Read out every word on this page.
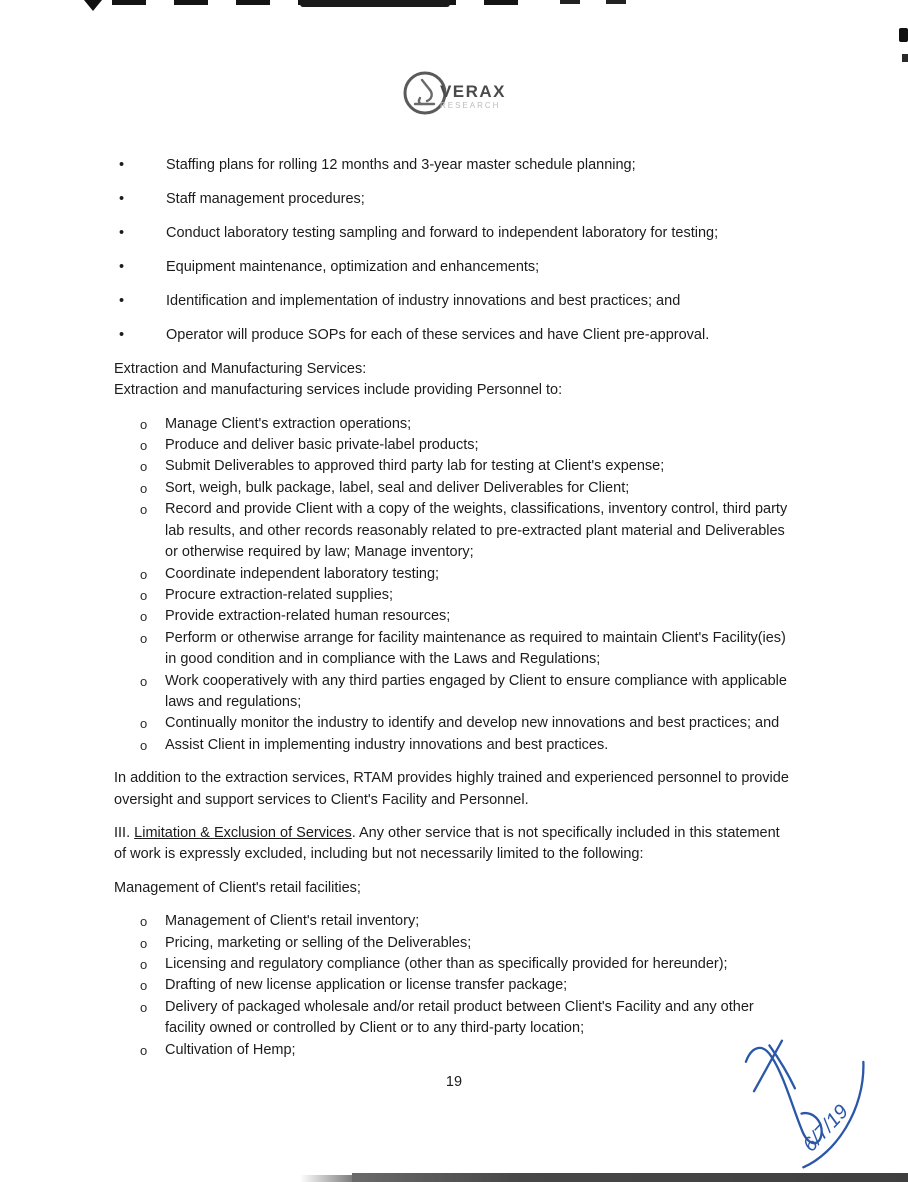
VERAX
RESEARCH
•	Staffing plans for rolling 12 months and 3-year master schedule planning;
•	Staff management procedures;
•	Conduct laboratory testing sampling and forward to independent laboratory for testing;
•	Equipment maintenance, optimization and enhancements;
•	Identification and implementation of industry innovations and best practices; and
•	Operator will produce SOPs for each of these services and have Client pre-approval.

Extraction and Manufacturing Services:
Extraction and manufacturing services include providing Personnel to:

o	Manage Client's extraction operations;
o	Produce and deliver basic private-label products;
o	Submit Deliverables to approved third party lab for testing at Client's expense;
o	Sort, weigh, bulk package, label, seal and deliver Deliverables for Client;
o	Record and provide Client with a copy of the weights, classifications, inventory control, third party lab results, and other records reasonably related to pre-extracted plant material and Deliverables or otherwise required by law; Manage inventory;
o	Coordinate independent laboratory testing;
o	Procure extraction-related supplies;
o	Provide extraction-related human resources;
o	Perform or otherwise arrange for facility maintenance as required to maintain Client's Facility(ies) in good condition and in compliance with the Laws and Regulations;
o	Work cooperatively with any third parties engaged by Client to ensure compliance with applicable laws and regulations;
o	Continually monitor the industry to identify and develop new innovations and best practices; and
o	Assist Client in implementing industry innovations and best practices.

In addition to the extraction services, RTAM provides highly trained and experienced personnel to provide oversight and support services to Client's Facility and Personnel.

III. Limitation & Exclusion of Services. Any other service that is not specifically included in this statement of work is expressly excluded, including but not necessarily limited to the following:

Management of Client's retail facilities;

o	Management of Client's retail inventory;
o	Pricing, marketing or selling of the Deliverables;
o	Licensing and regulatory compliance (other than as specifically provided for hereunder);
o	Drafting of new license application or license transfer package;
o	Delivery of packaged wholesale and/or retail product between Client's Facility and any other facility owned or controlled by Client or to any third-party location;
o	Cultivation of Hemp;
19
6/7/19
